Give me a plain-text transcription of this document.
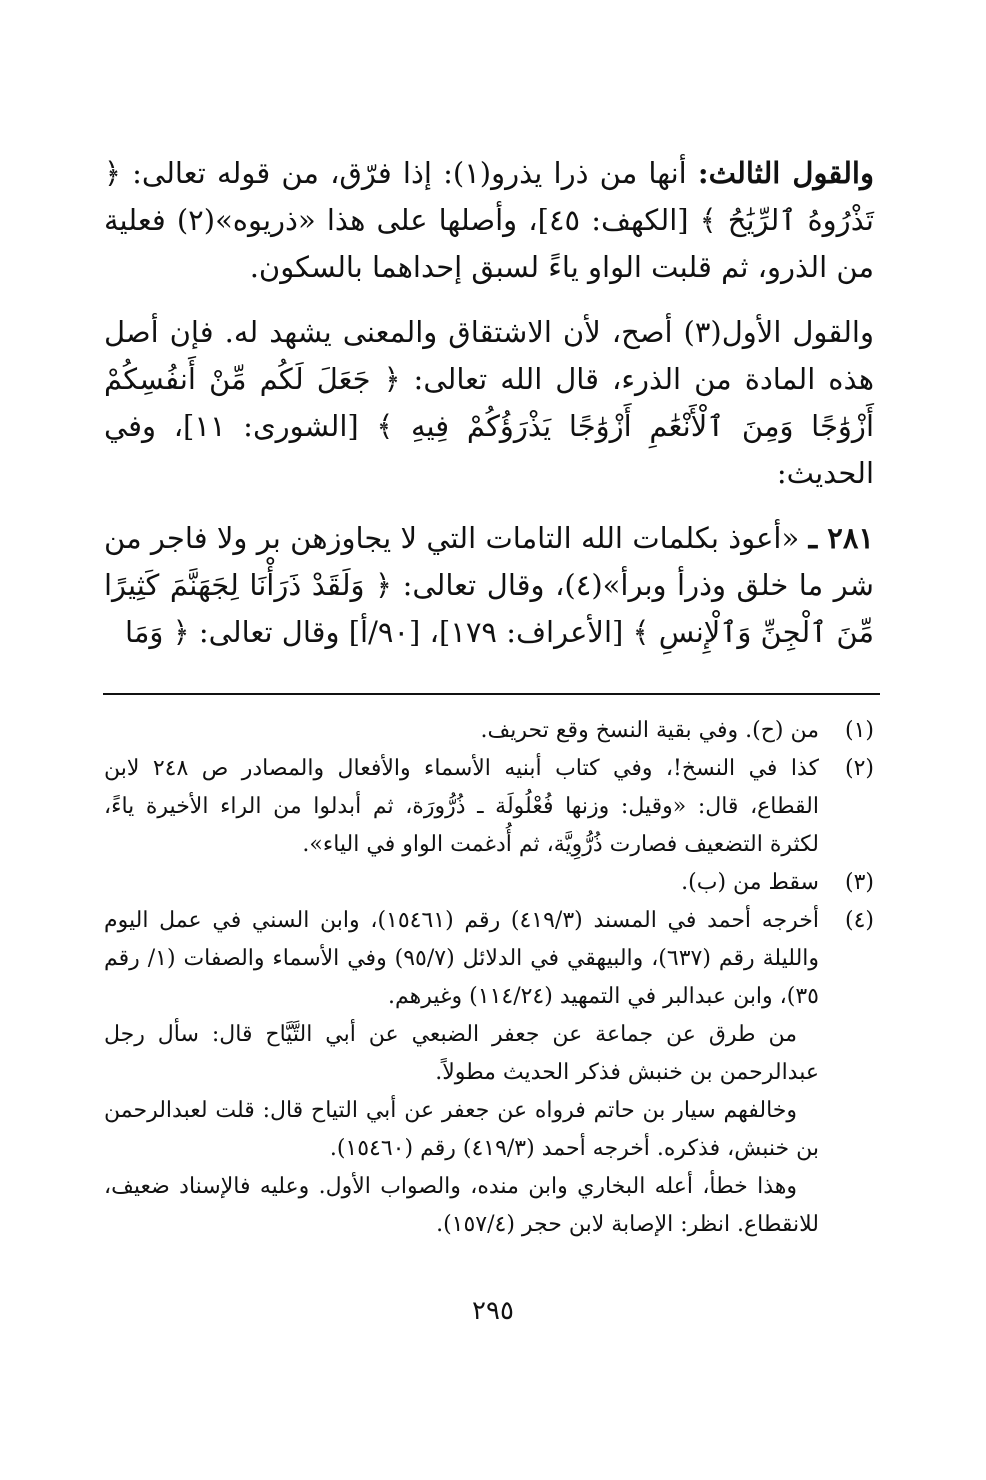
والقول الثالث: أنها من ذرا يذرو(١): إذا فرّق، من قوله تعالى: ﴿ تَذْرُوهُ ٱلرِّيَٰحُ ﴾ [الكهف: ٤٥]، وأصلها على هذا «ذريوه»(٢) فعلية من الذرو، ثم قلبت الواو ياءً لسبق إحداهما بالسكون.

والقول الأول(٣) أصح، لأن الاشتقاق والمعنى يشهد له. فإن أصل هذه المادة من الذرء، قال الله تعالى: ﴿ جَعَلَ لَكُم مِّنْ أَنفُسِكُمْ أَزْوَٰجًا وَمِنَ ٱلْأَنْعَٰمِ أَزْوَٰجًا يَذْرَؤُكُمْ فِيهِ ﴾ [الشورى: ١١]، وفي الحديث:

٢٨١ ـ «أعوذ بكلمات الله التامات التي لا يجاوزهن بر ولا فاجر من شر ما خلق وذرأ وبرأ»(٤)، وقال تعالى: ﴿ وَلَقَدْ ذَرَأْنَا لِجَهَنَّمَ كَثِيرًا مِّنَ ٱلْجِنِّ وَٱلْإِنسِ ﴾ [الأعراف: ١٧٩]، [٩٠/أ] وقال تعالى: ﴿ وَمَا

(١)
من (ح). وفي بقية النسخ وقع تحريف.
(٢)
كذا في النسخ!، وفي كتاب أبنيه الأسماء والأفعال والمصادر ص ٢٤٨ لابن القطاع، قال: «وقيل: وزنها فُعْلُولَة ـ ذُرُّورَة، ثم أبدلوا من الراء الأخيرة ياءً، لكثرة التضعيف فصارت ذُرُّوِيَّة، ثم أُدغمت الواو في الياء».
(٣)
سقط من (ب).
(٤)
أخرجه أحمد في المسند (٤١٩/٣) رقم (١٥٤٦١)، وابن السني في عمل اليوم والليلة رقم (٦٣٧)، والبيهقي في الدلائل (٩٥/٧) وفي الأسماء والصفات (١/ رقم ٣٥)، وابن عبدالبر في التمهيد (١١٤/٢٤) وغيرهم.
من طرق عن جماعة عن جعفر الضبعي عن أبي التَّيَّاح قال: سأل رجل عبدالرحمن بن خنبش فذكر الحديث مطولاً.
وخالفهم سيار بن حاتم فرواه عن جعفر عن أبي التياح قال: قلت لعبدالرحمن بن خنبش، فذكره. أخرجه أحمد (٤١٩/٣) رقم (١٥٤٦٠).
وهذا خطأ، أعله البخاري وابن منده، والصواب الأول. وعليه فالإسناد ضعيف، للانقطاع. انظر: الإصابة لابن حجر (١٥٧/٤).
٢٩٥
